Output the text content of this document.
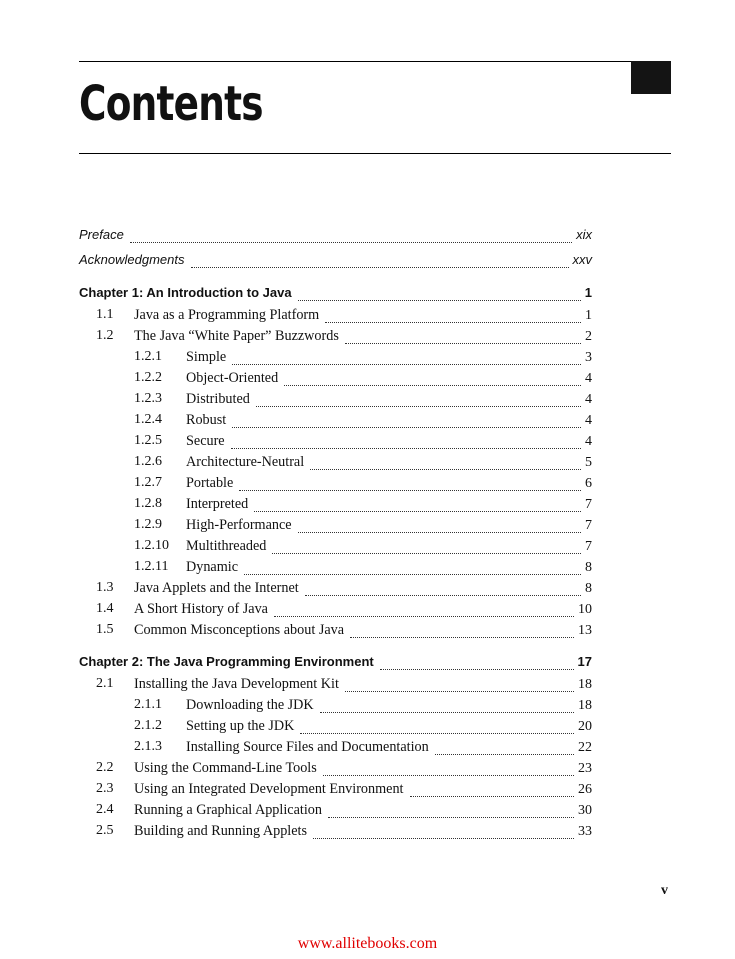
Contents
Preface	xix
Acknowledgments	xxv
Chapter 1: An Introduction to Java	1
1.1 Java as a Programming Platform	1
1.2 The Java “White Paper” Buzzwords	2
1.2.1 Simple	3
1.2.2 Object-Oriented	4
1.2.3 Distributed	4
1.2.4 Robust	4
1.2.5 Secure	4
1.2.6 Architecture-Neutral	5
1.2.7 Portable	6
1.2.8 Interpreted	7
1.2.9 High-Performance	7
1.2.10 Multithreaded	7
1.2.11 Dynamic	8
1.3 Java Applets and the Internet	8
1.4 A Short History of Java	10
1.5 Common Misconceptions about Java	13
Chapter 2: The Java Programming Environment	17
2.1 Installing the Java Development Kit	18
2.1.1 Downloading the JDK	18
2.1.2 Setting up the JDK	20
2.1.3 Installing Source Files and Documentation	22
2.2 Using the Command-Line Tools	23
2.3 Using an Integrated Development Environment	26
2.4 Running a Graphical Application	30
2.5 Building and Running Applets	33
v
www.allitebooks.com
